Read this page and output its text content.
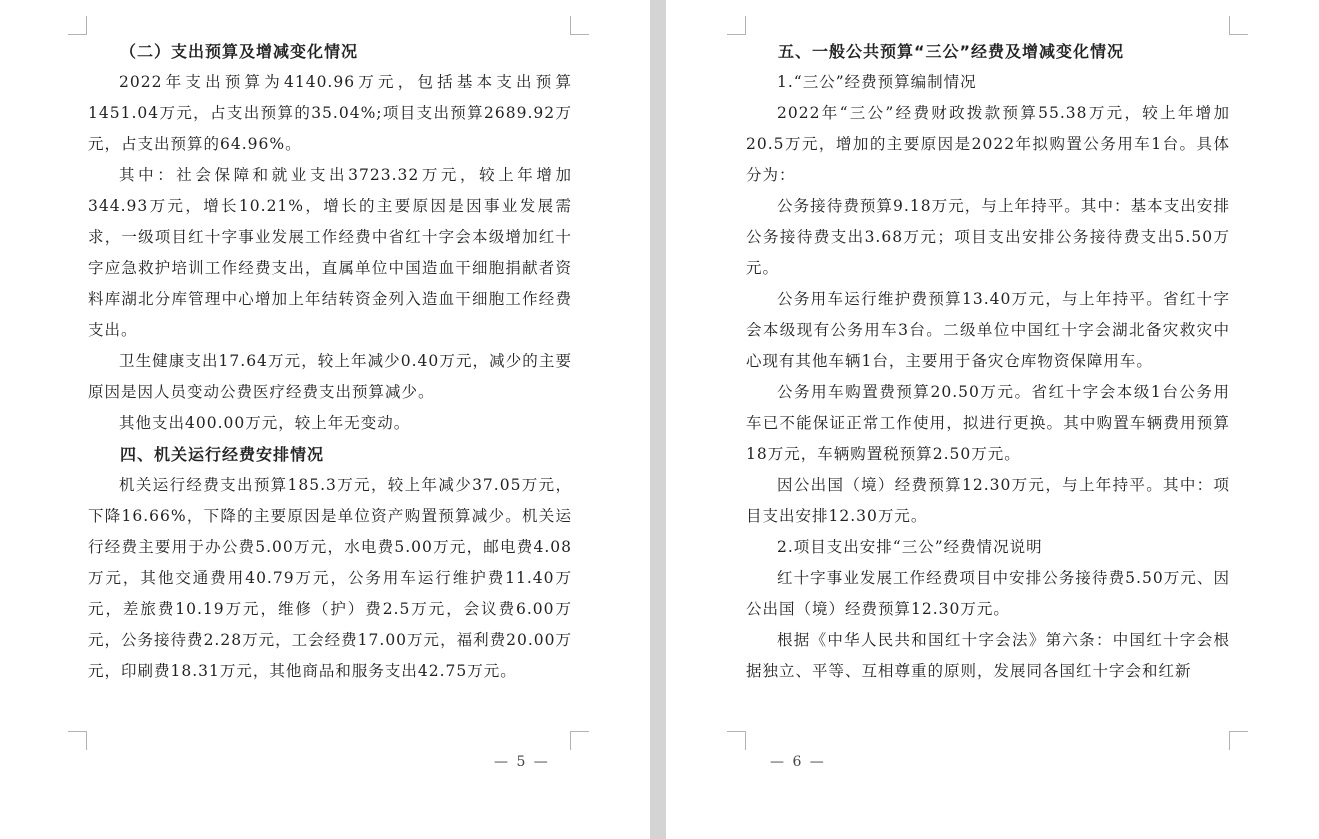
（二）支出预算及增减变化情况

2022年支出预算为4140.96万元，包括基本支出预算1451.04万元，占支出预算的35.04%;项目支出预算2689.92万元，占支出预算的64.96%。

其中：社会保障和就业支出3723.32万元，较上年增加344.93万元，增长10.21%，增长的主要原因是因事业发展需求，一级项目红十字事业发展工作经费中省红十字会本级增加红十字应急救护培训工作经费支出，直属单位中国造血干细胞捐献者资料库湖北分库管理中心增加上年结转资金列入造血干细胞工作经费支出。

卫生健康支出17.64万元，较上年减少0.40万元，减少的主要原因是因人员变动公费医疗经费支出预算减少。

其他支出400.00万元，较上年无变动。

四、机关运行经费安排情况

机关运行经费支出预算185.3万元，较上年减少37.05万元，下降16.66%，下降的主要原因是单位资产购置预算减少。机关运行经费主要用于办公费5.00万元，水电费5.00万元，邮电费4.08万元，其他交通费用40.79万元，公务用车运行维护费11.40万元，差旅费10.19万元，维修（护）费2.5万元，会议费6.00万元，公务接待费2.28万元，工会经费17.00万元，福利费20.00万元，印刷费18.31万元，其他商品和服务支出42.75万元。

— 5 —

五、一般公共预算“三公”经费及增减变化情况

1.“三公”经费预算编制情况

2022年“三公”经费财政拨款预算55.38万元，较上年增加20.5万元，增加的主要原因是2022年拟购置公务用车1台。具体分为：

公务接待费预算9.18万元，与上年持平。其中：基本支出安排公务接待费支出3.68万元；项目支出安排公务接待费支出5.50万元。

公务用车运行维护费预算13.40万元，与上年持平。省红十字会本级现有公务用车3台。二级单位中国红十字会湖北备灾救灾中心现有其他车辆1台，主要用于备灾仓库物资保障用车。

公务用车购置费预算20.50万元。省红十字会本级1台公务用车已不能保证正常工作使用，拟进行更换。其中购置车辆费用预算18万元，车辆购置税预算2.50万元。

因公出国（境）经费预算12.30万元，与上年持平。其中：项目支出安排12.30万元。

2.项目支出安排“三公”经费情况说明

红十字事业发展工作经费项目中安排公务接待费5.50万元、因公出国（境）经费预算12.30万元。

根据《中华人民共和国红十字会法》第六条：中国红十字会根据独立、平等、互相尊重的原则，发展同各国红十字会和红新

— 6 —
